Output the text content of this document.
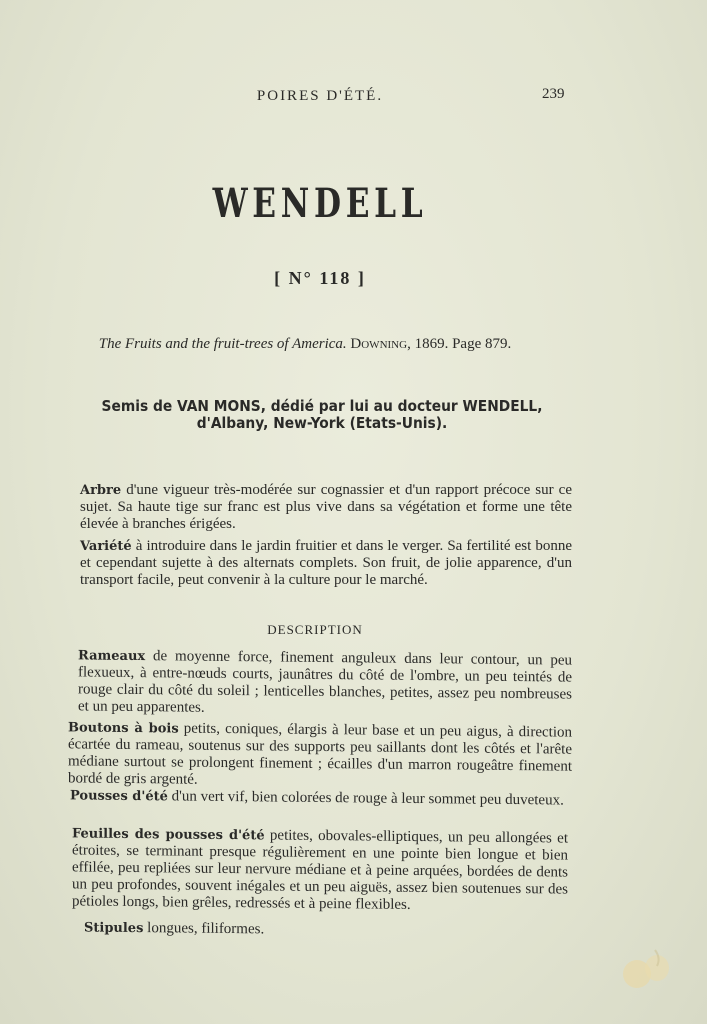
POIRES D'ÉTÉ.	239
WENDELL
[ N° 118 ]
The Fruits and the fruit-trees of America. Downing, 1869. Page 879.
Semis de VAN MONS, dédié par lui au docteur WENDELL, d'Albany, New-York (Etats-Unis).
Arbre d'une vigueur très-modérée sur cognassier et d'un rapport précoce sur ce sujet. Sa haute tige sur franc est plus vive dans sa végétation et forme une tête élevée à branches érigées.
Variété à introduire dans le jardin fruitier et dans le verger. Sa fertilité est bonne et cependant sujette à des alternats complets. Son fruit, de jolie apparence, d'un transport facile, peut convenir à la culture pour le marché.
DESCRIPTION
Rameaux de moyenne force, finement anguleux dans leur contour, un peu flexueux, à entre-nœuds courts, jaunâtres du côté de l'ombre, un peu teintés de rouge clair du côté du soleil ; lenticelles blanches, petites, assez peu nombreuses et un peu apparentes.
Boutons à bois petits, coniques, élargis à leur base et un peu aigus, à direction écartée du rameau, soutenus sur des supports peu saillants dont les côtés et l'arête médiane surtout se prolongent finement ; écailles d'un marron rougeâtre finement bordé de gris argenté.
Pousses d'été d'un vert vif, bien colorées de rouge à leur sommet peu duveteux.
Feuilles des pousses d'été petites, obovales-elliptiques, un peu allongées et étroites, se terminant presque régulièrement en une pointe bien longue et bien effilée, peu repliées sur leur nervure médiane et à peine arquées, bordées de dents un peu profondes, souvent inégales et un peu aiguës, assez bien soutenues sur des pétioles longs, bien grêles, redressés et à peine flexibles.
Stipules longues, filiformes.
